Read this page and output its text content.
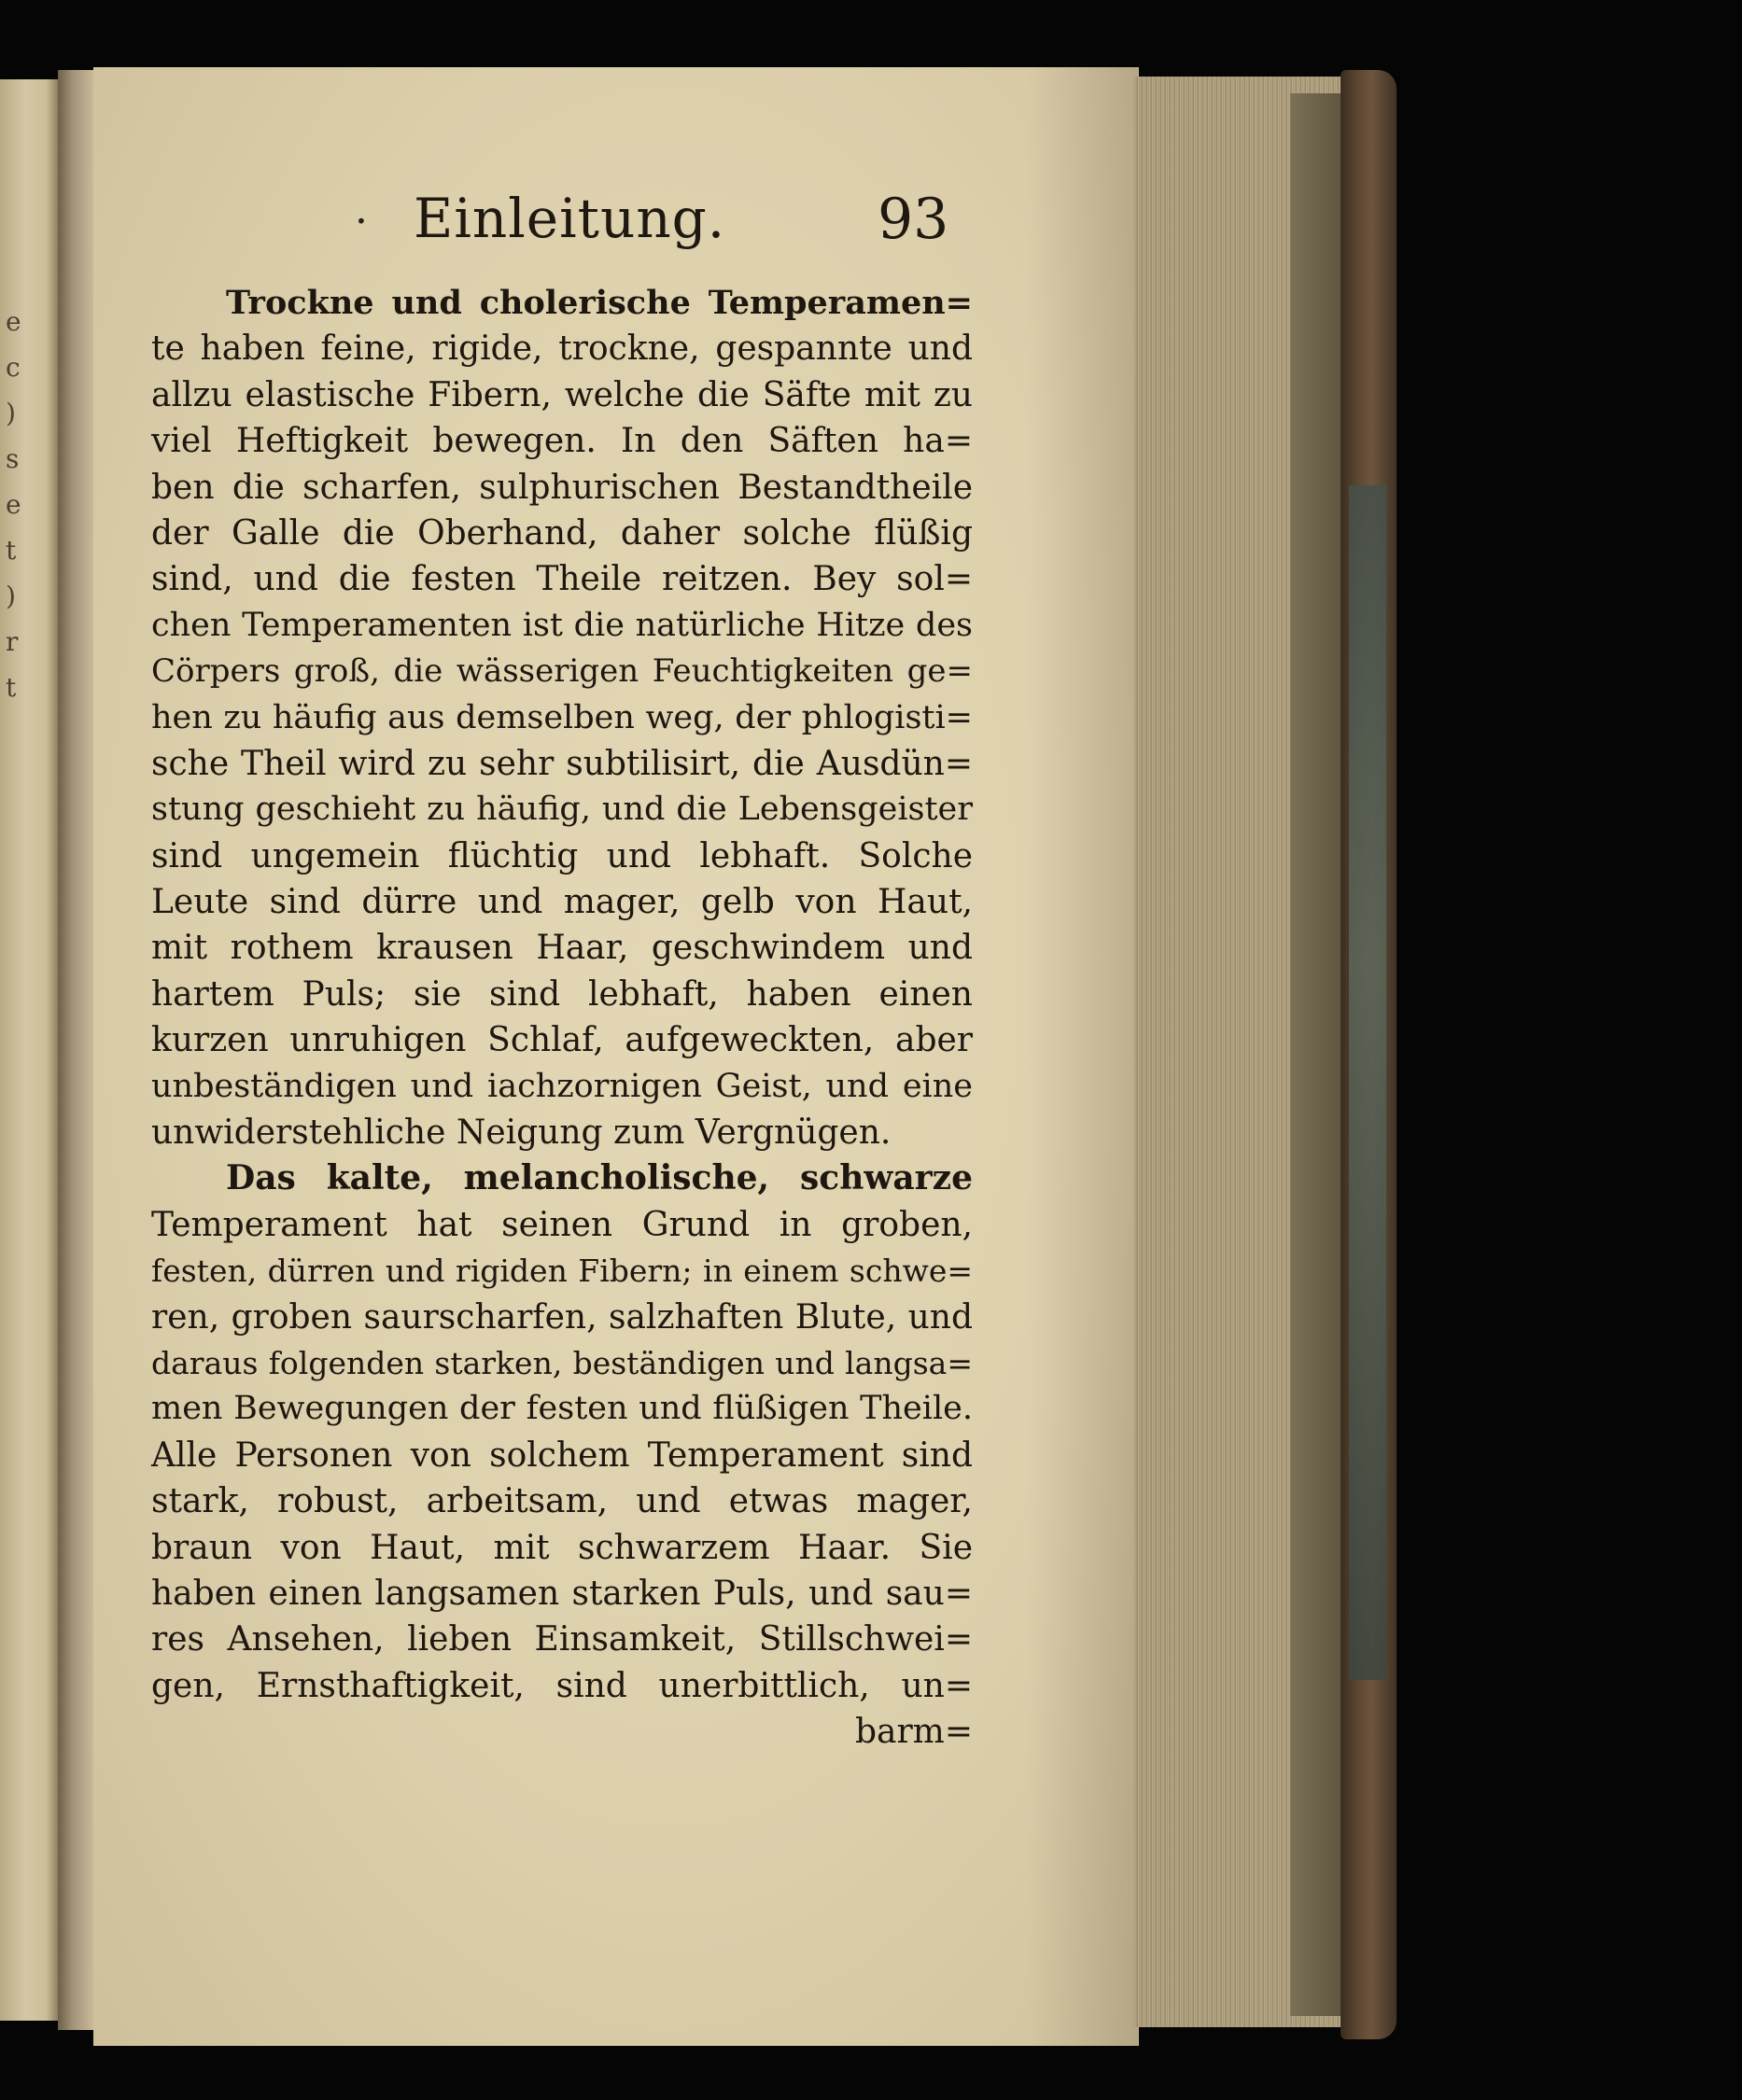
e
c
)
s
e
t
)
r
t
· Einleitung.	93
Trockne und cholerische Temperamen=
te haben feine, rigide, trockne, gespannte und
allzu elastische Fibern, welche die Säfte mit zu
viel Heftigkeit bewegen. In den Säften ha=
ben die scharfen, sulphurischen Bestandtheile
der Galle die Oberhand, daher solche flüßig
sind, und die festen Theile reitzen. Bey sol=
chen Temperamenten ist die natürliche Hitze des
Cörpers groß, die wässerigen Feuchtigkeiten ge=
hen zu häufig aus demselben weg, der phlogisti=
sche Theil wird zu sehr subtilisirt, die Ausdün=
stung geschieht zu häufig, und die Lebensgeister
sind ungemein flüchtig und lebhaft. Solche
Leute sind dürre und mager, gelb von Haut,
mit rothem krausen Haar, geschwindem und
hartem Puls; sie sind lebhaft, haben einen
kurzen unruhigen Schlaf, aufgeweckten, aber
unbeständigen und iachzornigen Geist, und eine
unwiderstehliche Neigung zum Vergnügen.
Das kalte, melancholische, schwarze
Temperament hat seinen Grund in groben,
festen, dürren und rigiden Fibern; in einem schwe=
ren, groben saurscharfen, salzhaften Blute, und
daraus folgenden starken, beständigen und langsa=
men Bewegungen der festen und flüßigen Theile.
Alle Personen von solchem Temperament sind
stark, robust, arbeitsam, und etwas mager,
braun von Haut, mit schwarzem Haar. Sie
haben einen langsamen starken Puls, und sau=
res Ansehen, lieben Einsamkeit, Stillschwei=
gen, Ernsthaftigkeit, sind unerbittlich, un=
barm=
